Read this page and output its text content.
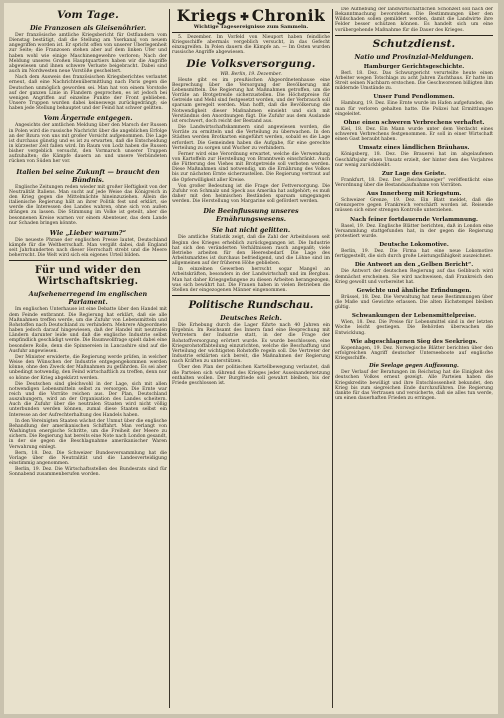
Vom Tage.
Die Franzosen als Gleisenöhrier.

Der französische amtliche Kriegsbericht für Ostflandern vom Dienstag bestätigt, daß die Stellung am Yserkanal von neuem angegriffen worden ist. Er spricht offen von unserer Überlegenheit zur Seite; die Franzosen stehen aber auf dem linken Ufer und haben wohl wie einige Maschinengewehre verloren; Nach der Meldung unseres Großen Hauptquartiers haben wir die Angriffe abgewiesen und ihnen schwere Verluste beigebracht. Dabei sind auch im Nordwesten neue Vorstöße gescheitert.

Nach dem Ausweis des französischen Kriegsberichtes verlautet erneut, daß eine Nachrichtenübermittlung nach Paris gegen die Deutschen unmöglich geworden sei. Man hat von einem Vorstoße auf der ganzen Linie in Flandern gesprochen, es ist jedoch bei wenigen Angriffen auf einzelne Punkte der Front geblieben. Unsere Truppen wurden dabei keineswegs zurückgedrängt; sie haben jede Stellung behauptet und der Feind hat schwer gelitten.

Vom Ärgernde entgegen.

Angesichts der amtlichen Meldung über den Marsch der Russen in Polen wird die russische Nachricht über die angeblichen Erfolge an der Bzura von uns mit großer Vorsicht aufgenommen. Die Lage ist durchaus günstig und es ist zu erwarten, daß die Entscheidung in kürzester Zeit fallen wird. Im Raum von Lodz haben die Russen bisher vergeblich versucht, den Vormarsch unserer Truppen aufzuhalten; die Kämpfe dauern an und unsere Verbündeten rücken von Süden her vor.

Italien bei seine Zukunft — braucht den Bündnis.

Englische Zeitungen reden wieder mit großer Heftigkeit von der Neutralität Italiens. Man sucht auf jede Weise das Königreich in den Krieg gegen die Mittelmächte hineinzuziehen. Allein die italienische Regierung hält an ihrer Politik fest und erklärt, sie werde die Interessen des Landes wahren, ohne sich von außen drängen zu lassen. Die Stimmung im Volke ist geteilt, aber die besonnenen Kreise warnen vor einem Abenteuer, das dem Lande nur Schaden bringen könnte.

Wie „Lieber warum?“

Die neueste Phrase der englischen Presse lautet, Deutschland kämpfe für die Weltherrschaft. Man vergißt dabei, daß England seit Jahrhunderten nach dieser Herrschaft strebt und die Meere beherrscht. Die Welt wird sich ein eigenes Urteil bilden.

Für und wider den Wirtschaftskrieg.
Aufsehenerregend im englischen Parlament.

Im englischen Unterhause ist eine Debatte über den Handel mit dem Feinde entbrannt. Die Regierung hat erklärt, daß sie alle Maßnahmen treffen werde, um die Zufuhr von Lebensmitteln und Rohstoffen nach Deutschland zu verhindern. Mehrere Abgeordnete haben jedoch darauf hingewiesen, daß der Handel mit neutralen Ländern darunter leide und daß die englische Industrie selbst empfindlich geschädigt werde. Die Baumwollfrage spielt dabei eine besondere Rolle, denn die Spinnereien in Lancashire sind auf die Ausfuhr angewiesen.

Der Minister erwiderte, die Regierung werde prüfen, in welcher Weise den Wünschen der Industrie entgegengekommen werden könne, ohne den Zweck der Maßnahmen zu gefährden. Es sei aber unbedingt notwendig, den Feind wirtschaftlich zu treffen, denn nur so könne der Krieg abgekürzt werden.

Die Deutschen sind gleichwohl in der Lage, sich mit allen notwendigen Lebensmitteln selbst zu versorgen. Die Ernte war reich und die Vorräte reichen aus. Der Plan, Deutschland auszuhungern, wird an der Organisation des Landes scheitern. Auch die Zufuhr über die neutralen Staaten wird nicht völlig unterbunden werden können, zumal diese Staaten selbst ein Interesse an der Aufrechterhaltung des Handels haben.

In den Vereinigten Staaten wächst der Unmut über die englische Behandlung der amerikanischen Schiffahrt. Man verlangt von Washington energische Schritte, um die Freiheit der Meere zu sichern. Die Regierung hat bereits eine Note nach London gesandt, in der sie gegen die Beschlagnahme amerikanischer Waren Verwahrung einlegt.

Bern, 18. Dez. Die Schweizer Bundesversammlung hat die Vorlage über die Neutralität und die Landesverteidigung einstimmig angenommen.

Berlin, 19. Dez. Die Wirtschaftsstellen des Bundesrats sind für Sonnabend zusammenberufen worden.

Kriegs Chronik
Wichtige Tagesereignisse zum Sammeln.

5. Dezember. Im Vorfeld von Nieuport haben feindliche Kriegsschiffe abermals vergeblich versucht, in das Gefecht einzugreifen. In Polen dauern die Kämpfe an. — Im Osten wurden russische Angriffe abgewiesen.

Die Volksversorgung.
WB. Berlin, 19. Dezember.

Heute gibt es im preußischen Abgeordnetenhause eine Besprechung über die Versorgung der Bevölkerung mit Lebensmitteln. Die Regierung hat Maßnahmen getroffen, um die Vorräte an Brotgetreide sicherzustellen. Die Höchstpreise für Getreide und Mehl sind festgesetzt worden, und der Verbrauch soll sparsam geregelt werden. Man hofft, daß die Bevölkerung die Notwendigkeit dieser Maßnahmen einsieht und sich mit Verständnis den Anordnungen fügt. Die Zufuhr aus dem Auslande ist erschwert, doch reicht der Bestand aus.

Die Landwirtschaftskammern sind angewiesen worden, die Vorräte zu ermitteln und die Verteilung zu überwachen. In den Städten werden Brotkarten eingeführt werden, sobald es die Lage erfordert. Die Gemeinden haben die Aufgabe, für eine gerechte Verteilung zu sorgen und Wucher zu verhindern.

Ferner wird eine Verordnung erwartet, welche die Verwendung von Kartoffeln zur Herstellung von Branntwein einschränkt. Auch die Fütterung des Viehes mit Brotgetreide soll verboten werden. Diese Maßnahmen sind notwendig, um die Ernährung des Volkes bis zur nächsten Ernte sicherzustellen. Die Regierung vertraut auf die Opferwilligkeit aller Kreise.

Von großer Bedeutung ist die Frage der Fettversorgung. Die Zufuhr von Schmalz und Speck aus Amerika hat aufgehört; es muß daher mit den heimischen Beständen sparsam umgegangen werden. Die Herstellung von Margarine soll gefördert werden.

Die Beeinflussung unseres Ernährungswesens.
Sie hat nicht gelitten.

Die amtliche Statistik zeigt, daß die Zahl der Arbeitslosen seit Beginn des Krieges erheblich zurückgegangen ist. Die Industrie hat sich den veränderten Verhältnissen rasch angepaßt; viele Betriebe arbeiten für den Heeresbedarf. Die Lage des Arbeitsmarktes ist durchaus befriedigend, und die Löhne sind im allgemeinen auf der früheren Höhe geblieben.

In einzelnen Gewerben herrscht sogar Mangel an Arbeitskräften, besonders in der Landwirtschaft und im Bergbau. Man hat daher Kriegsgefangene zu diesen Arbeiten herangezogen, was sich bewährt hat. Die Frauen haben in vielen Betrieben die Stellen der eingezogenen Männer eingenommen.

Politische Rundschau.
Deutsches Reich.

Die Erhebung durch die Lager führte nach 40 Jahren ein Ergebnis. Im Reichsamt des Innern fand eine Besprechung mit Vertretern der Industrie statt, in der die Frage der Rohstoffversorgung erörtert wurde. Es wurde beschlossen, eine Kriegsrohstoffabteilung einzurichten, welche die Beschaffung und Verteilung der wichtigsten Rohstoffe regeln soll. Die Vertreter der Industrie erklärten sich bereit, die Maßnahmen der Regierung nach Kräften zu unterstützen.

Über den Plan der politischen Kartellbewegung verlautet, daß die Parteien sich während des Krieges jeder Auseinandersetzung enthalten wollen. Der Burgfriede soll gewahrt bleiben, bis der Friede geschlossen ist.

Die Aufhebung der landwirtschaftlichen Schonzeit soll nach der Bekanntmachung bevorstehen. Die Bestimmungen über den Wildschaden sollen gemildert werden, damit die Landwirte ihre Felder besser schützen können. Es handelt sich um eine vorübergehende Maßnahme für die Dauer des Krieges.

Schutzdienst.
Natio und Provinzial-Meldungen.
Hamburger Gerichtsgeschichte.

Berl. 18. Dez. Das Schwurgericht verurteilte heute einen Arbeiter wegen Totschlags zu acht Jahren Zuchthaus. Er hatte im Streit seinen Nachbarn erstochen. Die Geschworenen billigten ihm mildernde Umstände zu.

Unser Fund Pendlommen.

Hamburg, 19. Dez. Eine Ernte wurde im Hafen aufgefunden, die man für verloren gehalten hatte. Die Polizei hat Ermittlungen eingeleitet.

Ohne einen schweren Verbrechens verhaftet.

Kiel, 18. Dez. Ein Mann wurde unter dem Verdacht eines schweren Verbrechens festgenommen. Er soll in einer Wirtschaft einen Gast beraubt haben.

Umsatz eines ländlichen Bräuhaus.

Königsberg, 18. Dez. Die Brauerei hat im abgelaufenen Geschäftsjahr einen Umsatz erzielt, der hinter dem des Vorjahres nur wenig zurückbleibt.

Zur Lage des Geiste.

Frankfurt, 18. Dez. Der „Reichsanzeiger“ veröffentlicht eine Verordnung über die Bestandsaufnahme von Vorräten.

Aus Innerberg mit Kriegstum.

Schweizer Grenze, 19. Dez. Ein Blatt meldet, daß die Grenzsperre gegen Frankreich verschärft worden ist. Reisende müssen sich einer strengen Kontrolle unterziehen.

Nach feiner fortdauernde Verlammnung.

Basel, 19. Dez. Englische Blätter berichten, daß in London eine Versammlung stattgefunden hat, in der gegen die Regierung protestiert wurde.

Deutsche Lokomotive.

Berlin, 19. Dez. Die Firma hat eine neue Lokomotive fertiggestellt, die sich durch große Leistungsfähigkeit auszeichnet.

Die Antwort an den „Gelben Bericht“.

Die Antwort der deutschen Regierung auf das Gelbbuch wird demnächst erscheinen. Sie wird nachweisen, daß Frankreich den Krieg gewollt und vorbereitet hat.

Gewichte und ähnliche Erfindungen.

Brüssel, 18. Dez. Die Verwaltung hat neue Bestimmungen über die Maße und Gewichte erlassen. Die alten Eichstempel bleiben gültig.

Schwankungen der Lebensmittelpreise.

Wien, 18. Dez. Die Preise für Lebensmittel sind in der letzten Woche leicht gestiegen. Die Behörden überwachen die Entwicklung.

Wie abgeschlagenen Sieg des Seekriegs.

Kopenhagen, 19. Dez. Norwegische Blätter berichten über den erfolgreichen Angriff deutscher Unterseeboote auf englische Kriegsschiffe.

Die Seelage gegen Auffassung.

Der Verlauf der Beratungen im Reichstag hat die Einigkeit des deutschen Volkes erneut gezeigt. Alle Parteien haben die Kriegskredite bewilligt und ihre Entschlossenheit bekundet, den Krieg bis zum siegreichen Ende durchzuführen. Die Regierung dankte für das Vertrauen und versicherte, daß sie alles tun werde, um einen dauerhaften Frieden zu erringen.
